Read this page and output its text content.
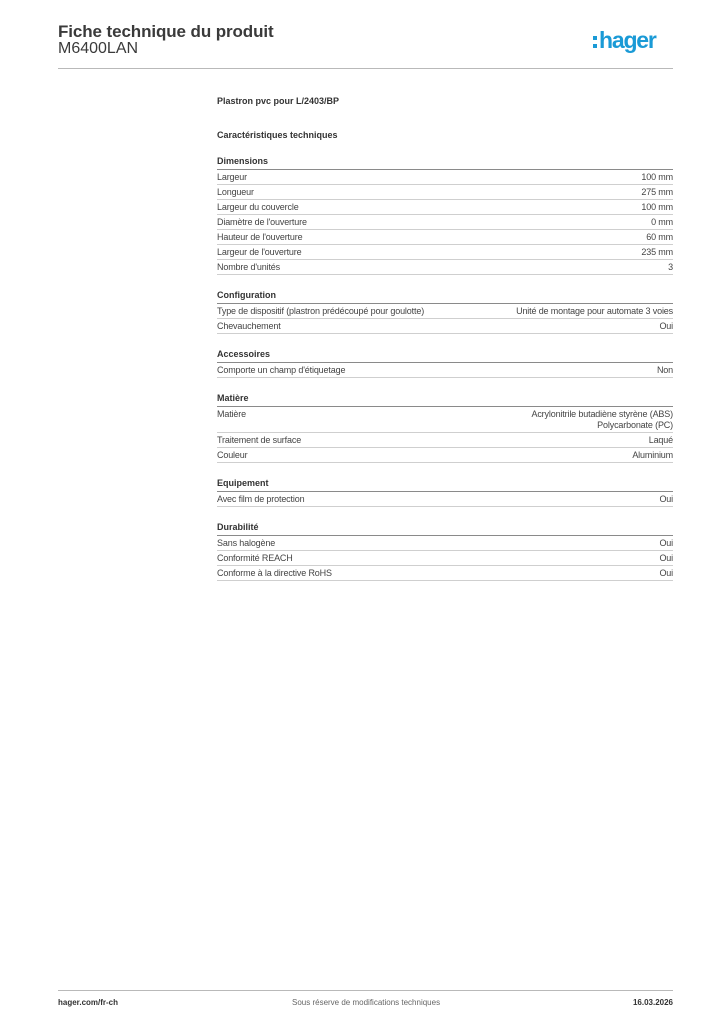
Fiche technique du produit
M6400LAN	hager
Plastron pvc pour L/2403/BP
Caractéristiques techniques
Dimensions
Largeur	100 mm
Longueur	275 mm
Largeur du couvercle	100 mm
Diamètre de l'ouverture	0 mm
Hauteur de l'ouverture	60 mm
Largeur de l'ouverture	235 mm
Nombre d'unités	3
Configuration
Type de dispositif (plastron prédécoupé pour goulotte)	Unité de montage pour automate 3 voies
Chevauchement	Oui
Accessoires
Comporte un champ d'étiquetage	Non
Matière
Matière	Acrylonitrile butadiène styrène (ABS)
Polycarbonate (PC)
Traitement de surface	Laqué
Couleur	Aluminium
Equipement
Avec film de protection	Oui
Durabilité
Sans halogène	Oui
Conformité REACH	Oui
Conforme à la directive RoHS	Oui
hager.com/fr-ch	Sous réserve de modifications techniques	16.03.2026
